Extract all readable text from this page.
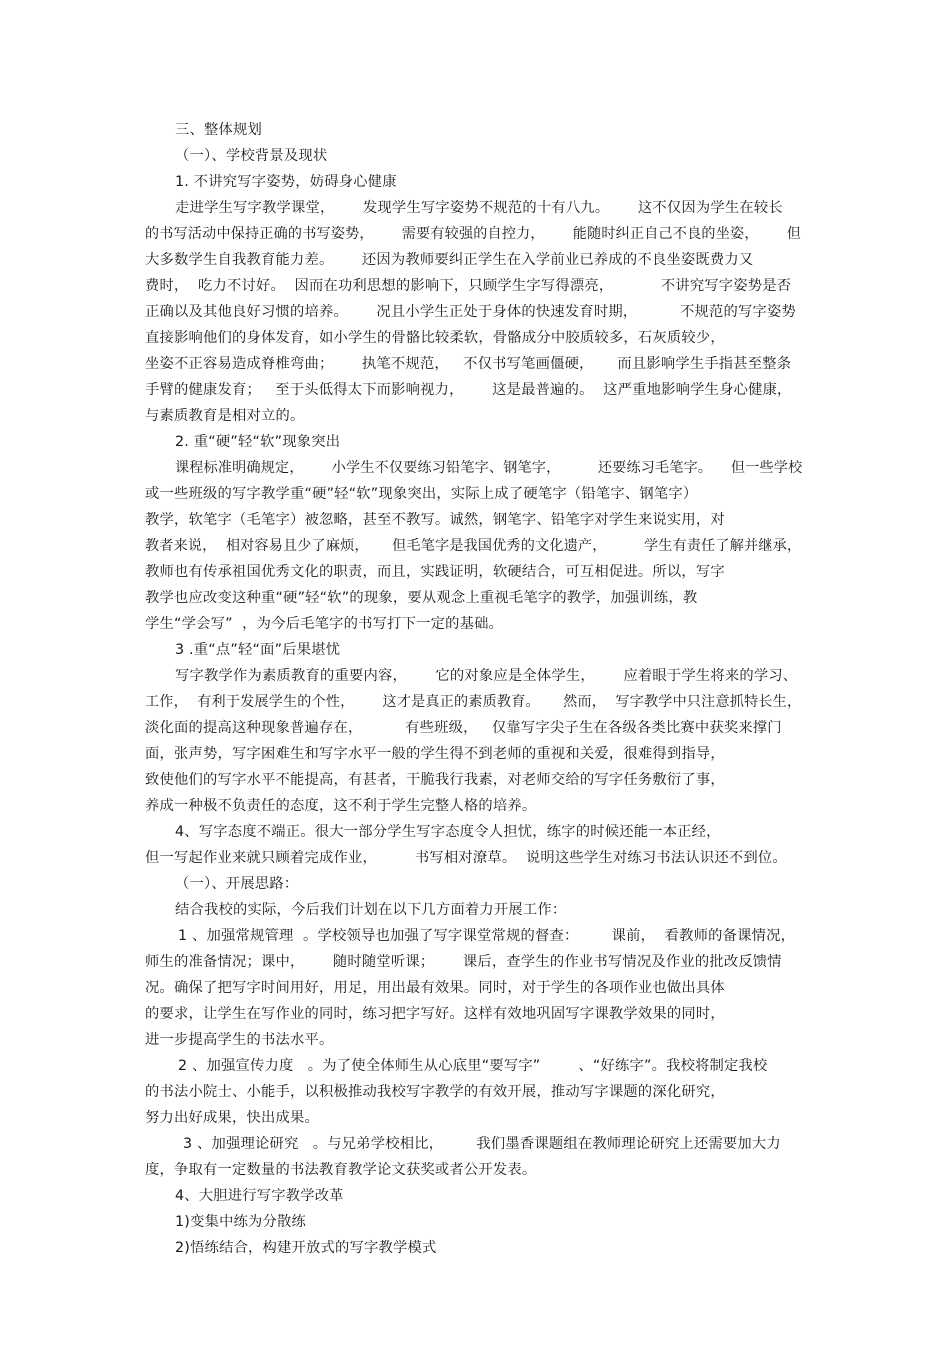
三、整体规划
（一）、学校背景及现状
1. 不讲究写字姿势，妨碍身心健康
走进学生写字教学课堂，      发现学生写字姿势不规范的十有八九。      这不仅因为学生在较长
的书写活动中保持正确的书写姿势，      需要有较强的自控力，      能随时纠正自己不良的坐姿，      但
大多数学生自我教育能力差。      还因为教师要纠正学生在入学前业已养成的不良坐姿既费力又
费时，  吃力不讨好。  因而在功利思想的影响下，只顾学生字写得漂亮，          不讲究写字姿势是否
正确以及其他良好习惯的培养。      况且小学生正处于身体的快速发育时期，         不规范的写字姿势
直接影响他们的身体发育，如小学生的骨骼比较柔软，骨骼成分中胶质较多，石灰质较少，
坐姿不正容易造成脊椎弯曲；      执笔不规范，   不仅书写笔画僵硬，     而且影响学生手指甚至整条
手臂的健康发育；   至于头低得太下而影响视力，      这是最普遍的。  这严重地影响学生身心健康，
与素质教育是相对立的。
2. 重“硬”轻“软”现象突出
课程标准明确规定，      小学生不仅要练习铅笔字、钢笔字，        还要练习毛笔字。    但一些学校
或一些班级的写字教学重“硬”轻“软”现象突出，实际上成了硬笔字（铅笔字、钢笔字）
教学，软笔字（毛笔字）被忽略，甚至不教写。诚然，钢笔字、铅笔字对学生来说实用，对
教者来说，  相对容易且少了麻烦，     但毛笔字是我国优秀的文化遗产，        学生有责任了解并继承，
教师也有传承祖国优秀文化的职责，而且，实践证明，软硬结合，可互相促进。所以，写字
教学也应改变这种重“硬”轻“软”的现象，要从观念上重视毛笔字的教学，加强训练，教
学生“学会写”  ，为今后毛笔字的书写打下一定的基础。
3 .重“点”轻“面”后果堪忧
写字教学作为素质教育的重要内容，      它的对象应是全体学生，      应着眼于学生将来的学习、
工作，  有利于发展学生的个性，      这才是真正的素质教育。     然而，  写字教学中只注意抓特长生，
淡化面的提高这种现象普遍存在，         有些班级，   仅靠写字尖子生在各级各类比赛中获奖来撑门
面，张声势，写字困难生和写字水平一般的学生得不到老师的重视和关爱，很难得到指导，
致使他们的写字水平不能提高，有甚者，干脆我行我素，对老师交给的写字任务敷衍了事，
养成一种极不负责任的态度，这不利于学生完整人格的培养。
4、写字态度不端正。很大一部分学生写字态度令人担忧，练字的时候还能一本正经，
但一写起作业来就只顾着完成作业，        书写相对潦草。  说明这些学生对练习书法认识还不到位。
（一）、开展思路：
结合我校的实际，今后我们计划在以下几方面着力开展工作：
1 、加强常规管理  。学校领导也加强了写字课堂常规的督查：       课前，  看教师的备课情况，
师生的准备情况；课中，      随时随堂听课；      课后，查学生的作业书写情况及作业的批改反馈情
况。确保了把写字时间用好，用足，用出最有效果。同时，对于学生的各项作业也做出具体
的要求，让学生在写作业的同时，练习把字写好。这样有效地巩固写字课教学效果的同时，
进一步提高学生的书法水平。
2 、加强宣传力度   。为了使全体师生从心底里“要写字”        、“好练字”。我校将制定我校
的书法小院士、小能手，以积极推动我校写字教学的有效开展，推动写字课题的深化研究，
努力出好成果，快出成果。
3 、加强理论研究   。与兄弟学校相比，       我们墨香课题组在教师理论研究上还需要加大力
度，争取有一定数量的书法教育教学论文获奖或者公开发表。
4、大胆进行写字教学改革
1)变集中练为分散练
2)悟练结合，构建开放式的写字教学模式
